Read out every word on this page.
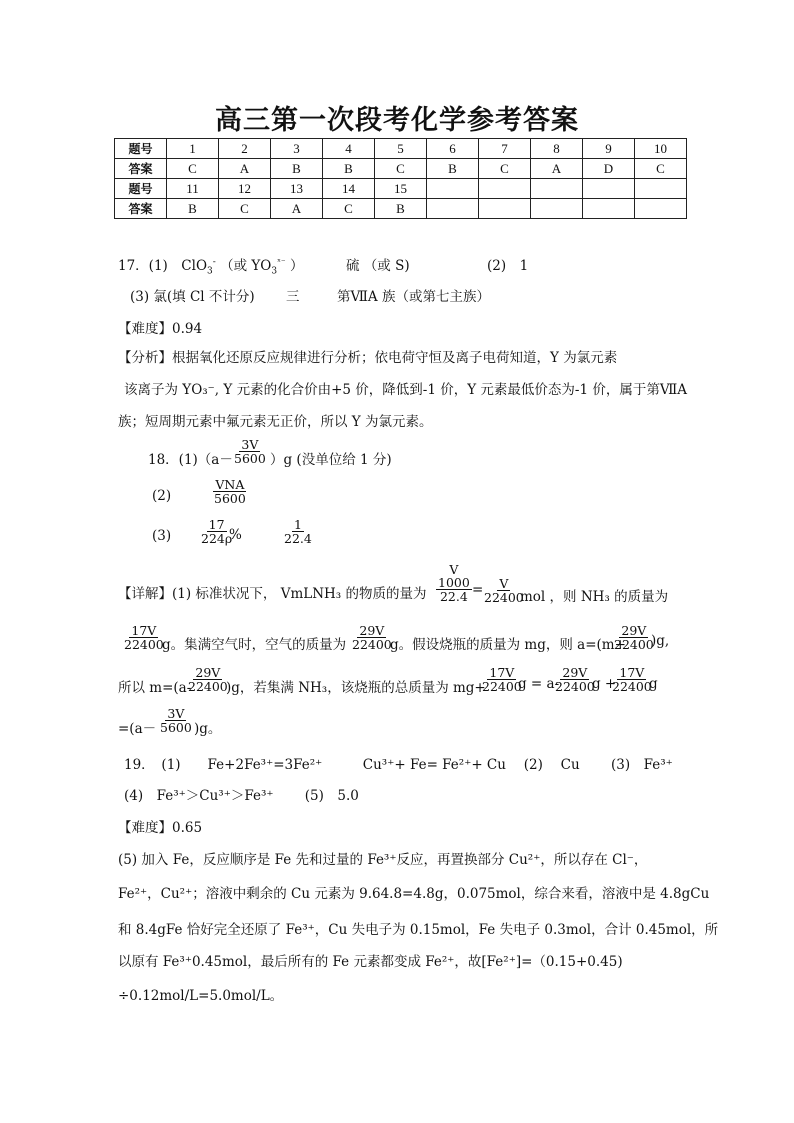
高三第一次段考化学参考答案
题号	1	2	3	4	5	6	7	8	9	10
答案	C	A	B	B	C	B	C	A	D	C
题号	11	12	13	14	15					
答案	B	C	A	C	B					
17．(1)　ClO$_3$- （或 $YO_3^{ˣ^-}$ ）	硫 （或 S)	(2)　1
(3) 氯(填 Cl 不计分) 三	第ⅦA 族（或第七主族）
【难度】0.94
【分析】根据氧化还原反应规律进行分析；依电荷守恒及离子电荷知道，Y 为氯元素
该离子为 YO₃⁻, Y 元素的化合价由+5 价，降低到-1 价，Y 元素最低价态为-1 价，属于第ⅦA
族；短周期元素中氟元素无正价，所以 Y 为氯元素。
18．$(1)(a- \frac{3V}{5600} )g$ (没单位给 1 分)
(2)
VNA
5600
$(3) \frac{17}{224\rho}$
%	$\frac{1}{22.4}$
【详解】(1) 标准状况下， VmLNH₃ 的物质的量为
V
1000
22.4 =
$\frac{V}{22400}$
mol ，则 NH₃ 的质量为
$\frac{17V}{22400}$
g。集满空气时，空气的质量为 $\frac{29V}{22400}$
g。假设烧瓶的质量为 mg，则 a=(m+
$\frac{29V}{22400}$
)g,
所以 m=(a-
$\frac{29V}{22400}$
)g，若集满 NH₃，该烧瓶的总质量为 mg+
$\frac{17V}{22400}$
g = a-
$\frac{29V}{22400}$
g +
$\frac{17V}{22400}$
g
$=(a- \frac{3V}{5600} )g$。
19．　(1)　　Fe+2Fe³⁺=3Fe²⁺　　　Cu³⁺+ Fe= Fe²⁺+ Cu　 (2)　 Cu　　 (3)　Fe³⁺
(4)　Fe³⁺＞Cu³⁺＞Fe³⁺　　 (5)　5.0
【难度】0.65
(5) 加入 Fe，反应顺序是 Fe 先和过量的 Fe³⁺反应，再置换部分 Cu²⁺，所以存在 Cl⁻，
Fe²⁺，Cu²⁺；溶液中剩余的 Cu 元素为 9.64.8=4.8g，0.075mol，综合来看，溶液中是 4.8gCu
和 8.4gFe 恰好完全还原了 Fe³⁺，Cu 失电子为 0.15mol，Fe 失电子 0.3mol，合计 0.45mol，所
以原有 Fe³⁺0.45mol，最后所有的 Fe 元素都变成 Fe²⁺，故[Fe²⁺]=（0.15+0.45)
÷0.12mol/L=5.0mol/L。
